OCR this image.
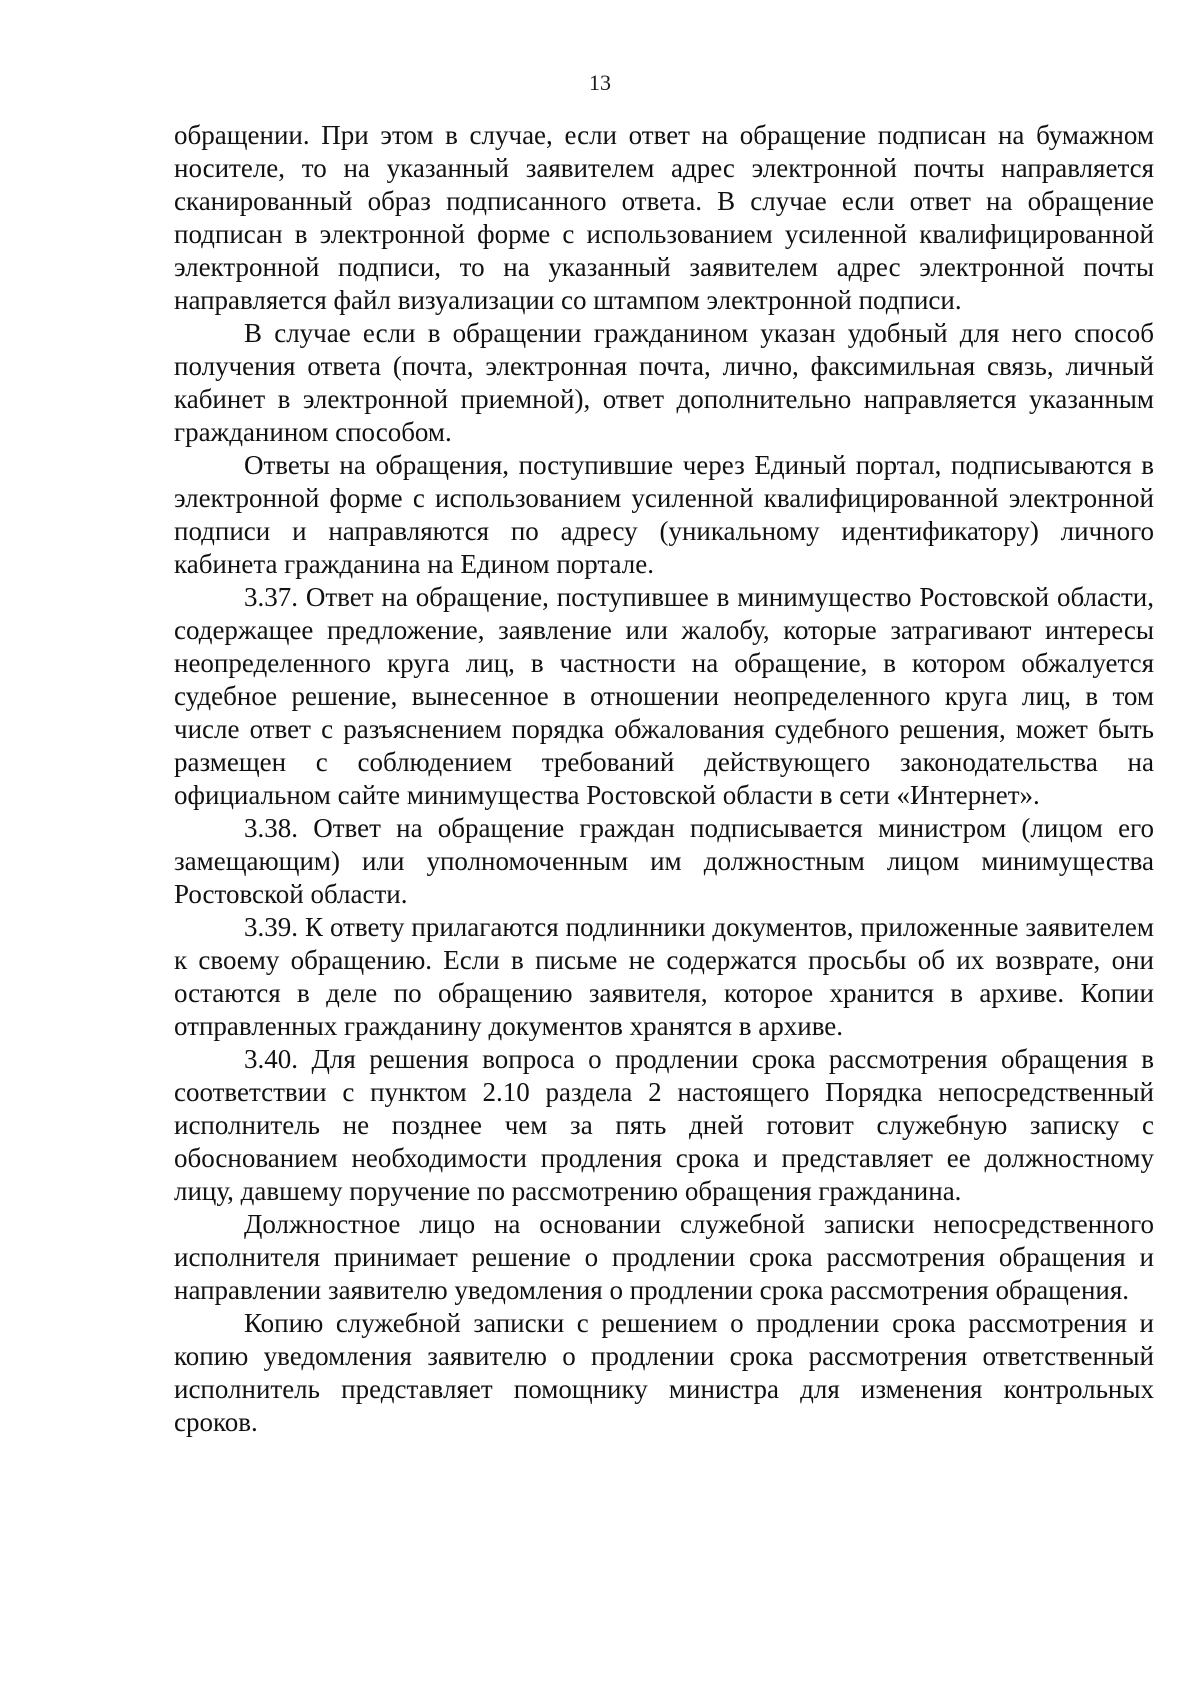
13

обращении. При этом в случае, если ответ на обращение подписан на бумажном носителе, то на указанный заявителем адрес электронной почты направляется сканированный образ подписанного ответа. В случае если ответ на обращение подписан в электронной форме с использованием усиленной квалифицированной электронной подписи, то на указанный заявителем адрес электронной почты направляется файл визуализации со штампом электронной подписи.

В случае если в обращении гражданином указан удобный для него способ получения ответа (почта, электронная почта, лично, факсимильная связь, личный кабинет в электронной приемной), ответ дополнительно направляется указанным гражданином способом.

Ответы на обращения, поступившие через Единый портал, подписываются в электронной форме с использованием усиленной квалифицированной электронной подписи и направляются по адресу (уникальному идентификатору) личного кабинета гражданина на Едином портале.

3.37. Ответ на обращение, поступившее в минимущество Ростовской области, содержащее предложение, заявление или жалобу, которые затрагивают интересы неопределенного круга лиц, в частности на обращение, в котором обжалуется судебное решение, вынесенное в отношении неопределенного круга лиц, в том числе ответ с разъяснением порядка обжалования судебного решения, может быть размещен с соблюдением требований действующего законодательства на официальном сайте минимущества Ростовской области в сети «Интернет».

3.38. Ответ на обращение граждан подписывается министром (лицом его замещающим) или уполномоченным им должностным лицом минимущества Ростовской области.

3.39. К ответу прилагаются подлинники документов, приложенные заявителем к своему обращению. Если в письме не содержатся просьбы об их возврате, они остаются в деле по обращению заявителя, которое хранится в архиве. Копии отправленных гражданину документов хранятся в архиве.

3.40. Для решения вопроса о продлении срока рассмотрения обращения в соответствии с пунктом 2.10 раздела 2 настоящего Порядка непосредственный исполнитель не позднее чем за пять дней готовит служебную записку с обоснованием необходимости продления срока и представляет ее должностному лицу, давшему поручение по рассмотрению обращения гражданина.

Должностное лицо на основании служебной записки непосредственного исполнителя принимает решение о продлении срока рассмотрения обращения и направлении заявителю уведомления о продлении срока рассмотрения обращения.

Копию служебной записки с решением о продлении срока рассмотрения и копию уведомления заявителю о продлении срока рассмотрения ответственный исполнитель представляет помощнику министра для изменения контрольных сроков.
